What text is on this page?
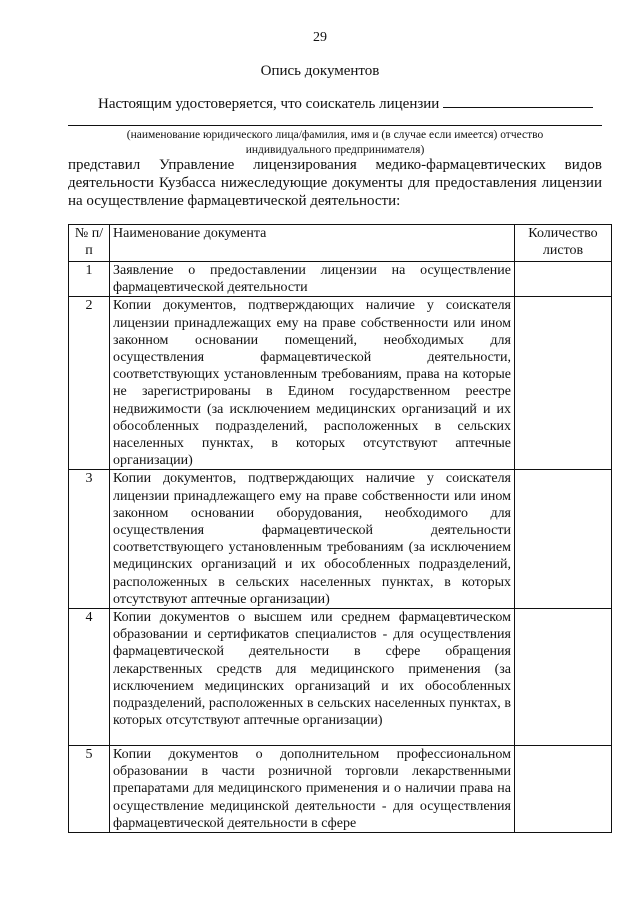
29
Опись документов
Настоящим удостоверяется, что соискатель лицензии
(наименование юридического лица/фамилия, имя и (в случае если имеется) отчество индивидуального предпринимателя)
представил Управление лицензирования медико-фармацевтических видов деятельности Кузбасса нижеследующие документы для предоставления лицензии на осуществление фармацевтической деятельности:
№ п/п	Наименование документа	Количество листов
1	Заявление о предоставлении лицензии на осуществление фармацевтической деятельности	
2	Копии документов, подтверждающих наличие у соискателя лицензии принадлежащих ему на праве собственности или ином законном основании помещений, необходимых для осуществления фармацевтической деятельности, соответствующих установленным требованиям, права на которые не зарегистрированы в Едином государственном реестре недвижимости (за исключением медицинских организаций и их обособленных подразделений, расположенных в сельских населенных пунктах, в которых отсутствуют аптечные организации)	
3	Копии документов, подтверждающих наличие у соискателя лицензии принадлежащего ему на праве собственности или ином законном основании оборудования, необходимого для осуществления фармацевтической деятельности соответствующего установленным требованиям (за исключением медицинских организаций и их обособленных подразделений, расположенных в сельских населенных пунктах, в которых отсутствуют аптечные организации)	
4	Копии документов о высшем или среднем фармацевтическом образовании и сертификатов специалистов - для осуществления фармацевтической деятельности в сфере обращения лекарственных средств для медицинского применения (за исключением медицинских организаций и их обособленных подразделений, расположенных в сельских населенных пунктах, в которых отсутствуют аптечные организации)	
5	Копии документов о дополнительном профессиональном образовании в части розничной торговли лекарственными препаратами для медицинского применения и о наличии права на осуществление медицинской деятельности - для осуществления фармацевтической деятельности в сфере	
